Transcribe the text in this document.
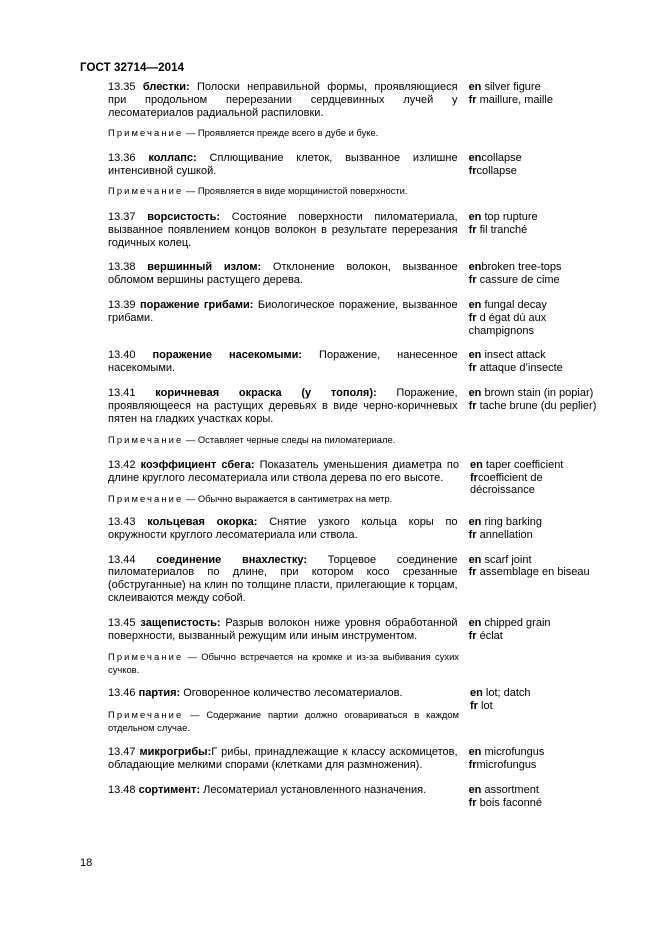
ГОСТ 32714—2014
13.35 блестки: Полоски неправильной формы, проявляющиеся при продольном перерезании сердцевинных лучей у лесоматериалов радиальной распиловки.
en silver figure
fr maillure, maille
Примечание — Проявляется прежде всего в дубе и буке.
13.36 коллапс: Сплющивание клеток, вызванное излишне интенсивной сушкой.
encollapse
frcollapse
Примечание — Проявляется в виде морщинистой поверхности.
13.37 ворсистость: Состояние поверхности пиломатериала, вызванное появлением концов волокон в результате перерезания годичных колец.
en top rupture
fr fil tranché
13.38 вершинный излом: Отклонение волокон, вызванное обломом вершины растущего дерева.
enbroken tree-tops
fr cassure de cime
13.39 поражение грибами: Биологическое поражение, вызванное грибами.
en fungal decay
fr d égat dú aux
champignons
13.40 поражение насекомыми: Поражение, нанесенное насекомыми.
en insect attack
fr attaque d’insecte
13.41 коричневая окраска (у тополя): Поражение, проявляющееся на растущих деревьях в виде черно-коричневых пятен на гладких участках коры.
en brown stain (in popiar)
fr tache brune (du peplier)
Примечание — Оставляет черные следы на пиломатериале.
13.42 коэффициент сбега: Показатель уменьшения диаметра по длине круглого лесоматериала или ствола дерева по его высоте.
Примечание — Обычно выражается в сантиметрах на метр.
en taper coefficient
frcoefficient de
décroissance
13.43 кольцевая окорка: Снятие узкого кольца коры по окружности круглого лесоматериала или ствола.
en ring barking
fr annellation
13.44 соединение внахлестку: Торцевое соединение пиломатериалов по длине, при котором косо срезанные (обструганные) на клин по толщине пласти, прилегающие к торцам, склеиваются между собой.
en scarf joint
fr assemblage en biseau
13.45 защепистость: Разрыв волокон ниже уровня обработанной поверхности, вызванный режущим или иным инструментом.
en chipped grain
fr éclat
Примечание — Обычно встречается на кромке и из-за выбивания сухих сучков.
13.46 партия: Оговоренное количество лесоматериалов.
Примечание — Содержание партии должно оговариваться в каждом отдельном случае.
en lot; datch
fr lot
13.47 микрогрибы:Г рибы, принадлежащие к классу аскомицетов, обладающие мелкими спорами (клетками для размножения).
en microfungus
frmicrofungus
13.48 сортимент: Лесоматериал установленного назначения.	en assortment
fr bois faconné
18
